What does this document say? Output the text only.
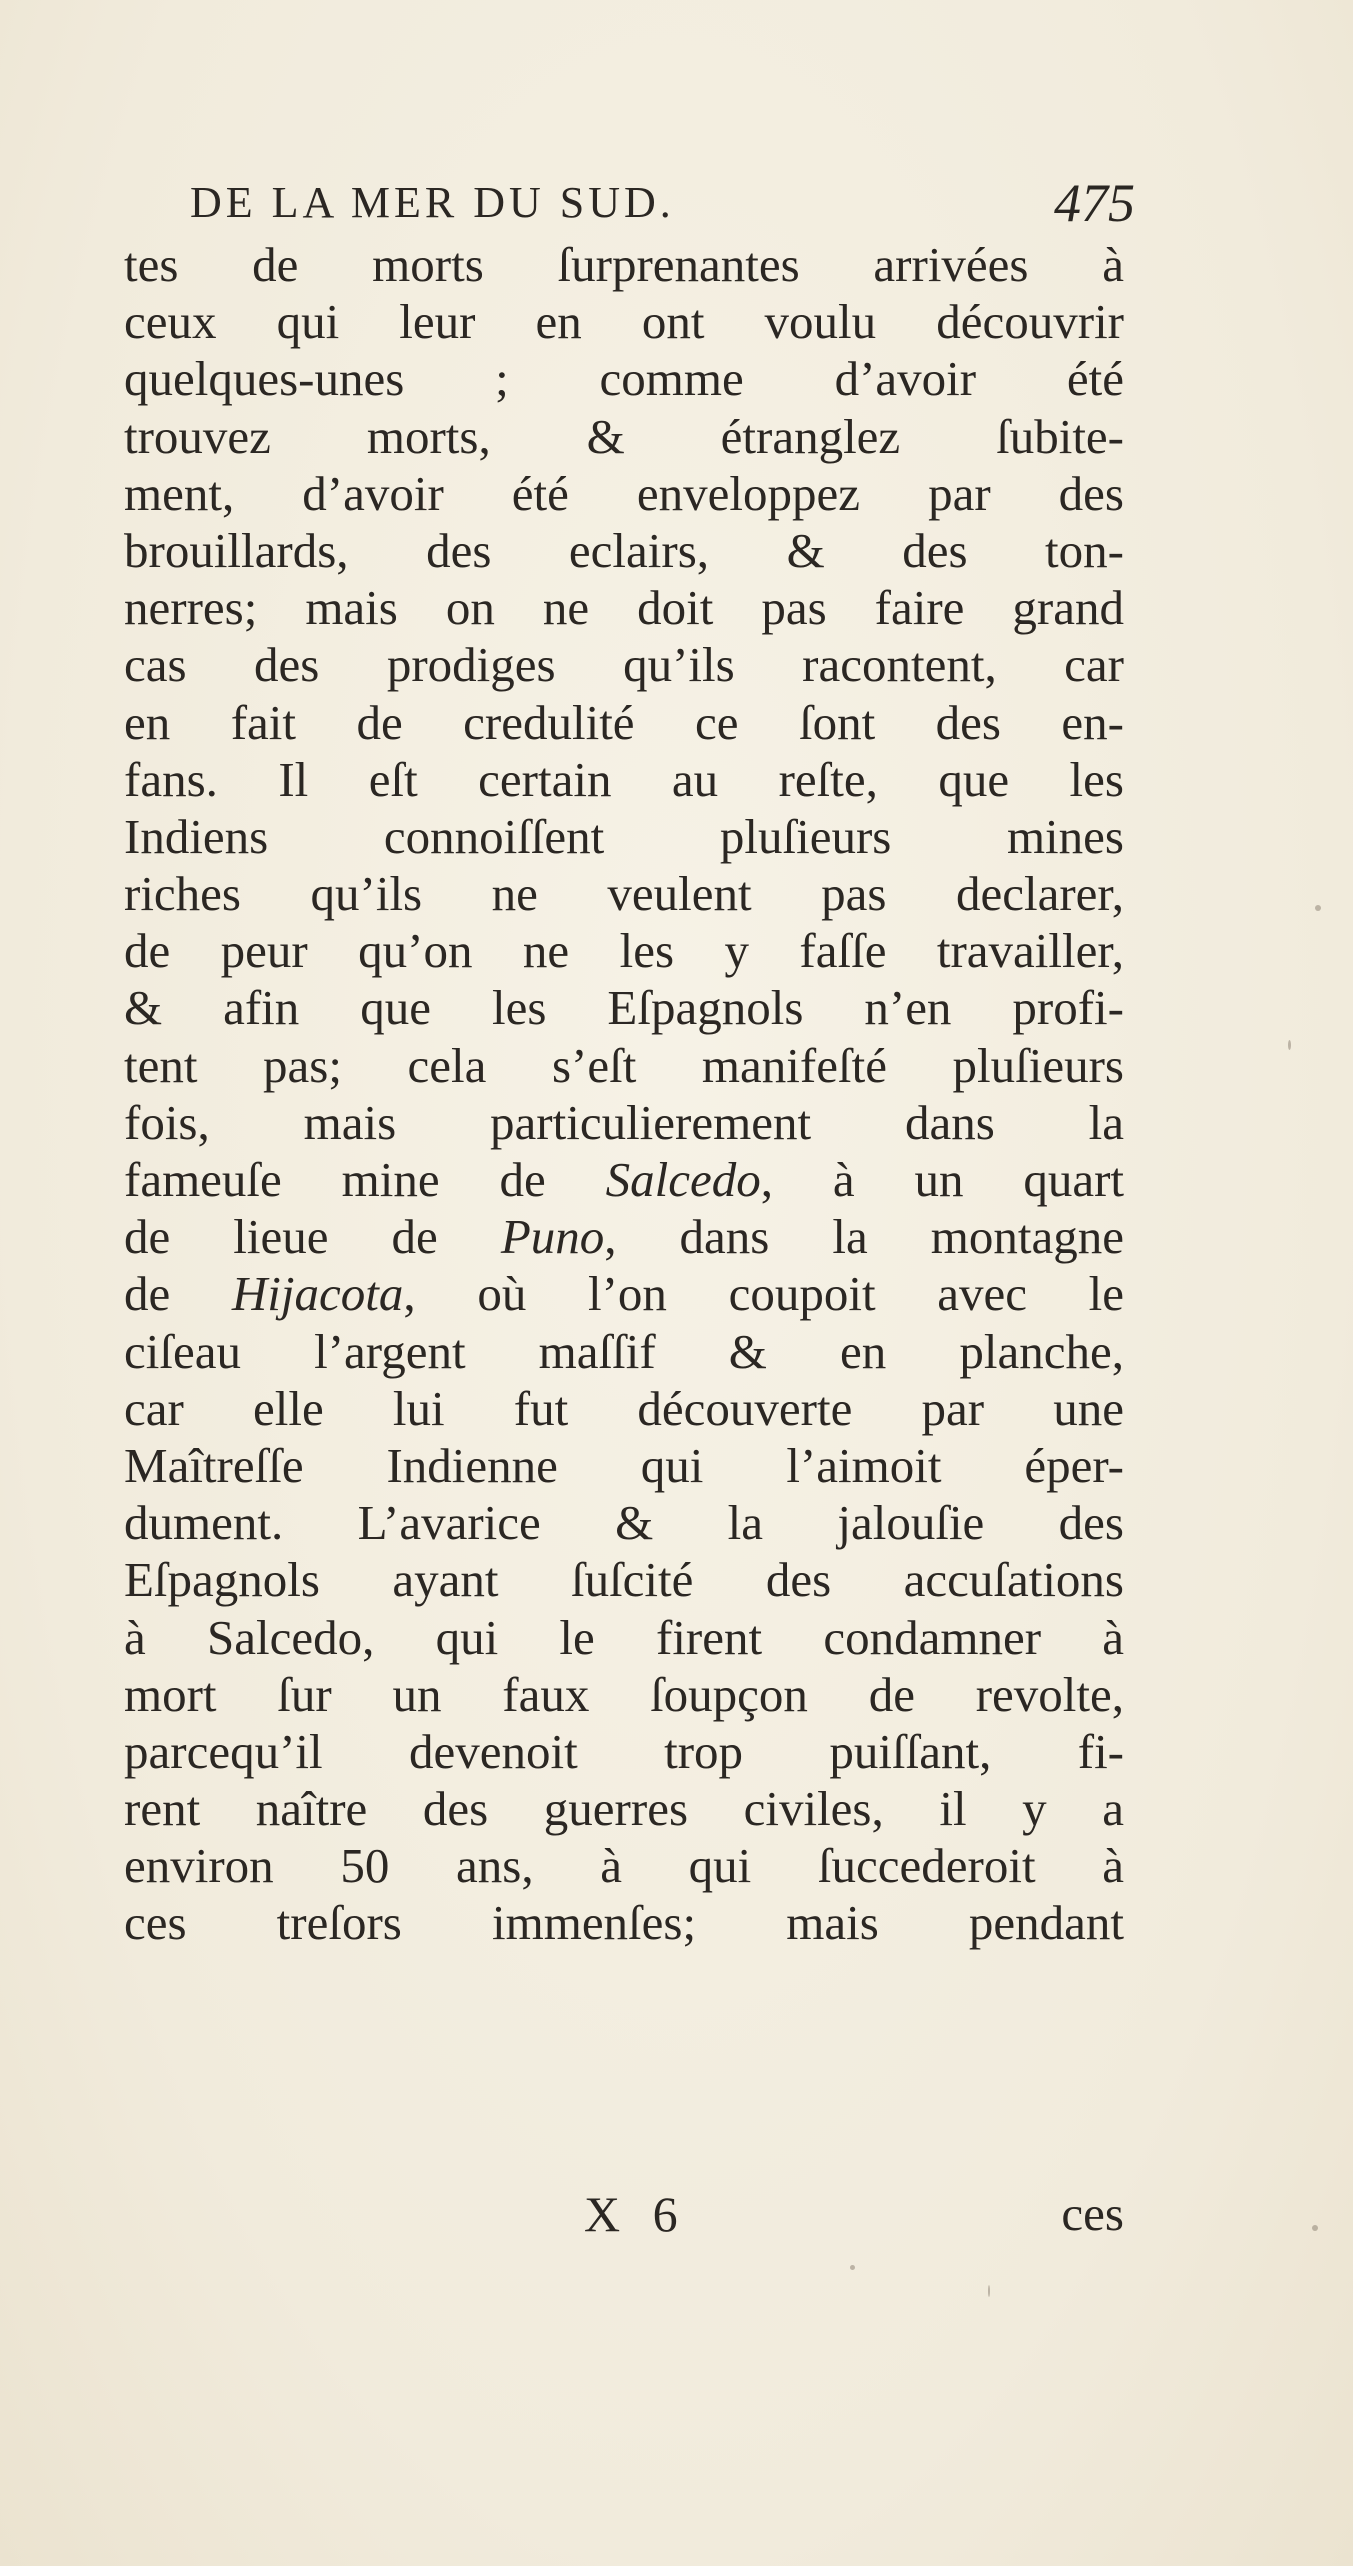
DE LA MER DU SUD.	475
tes de morts ſurprenantes arrivées à
ceux qui leur en ont voulu découvrir
quelques-unes ; comme d’avoir été
trouvez morts, & étranglez ſubite-
ment, d’avoir été enveloppez par des
brouillards, des eclairs, & des ton-
nerres; mais on ne doit pas faire grand
cas des prodiges qu’ils racontent, car
en fait de credulité ce ſont des en-
fans. Il eſt certain au reſte, que les
Indiens connoiſſent pluſieurs mines
riches qu’ils ne veulent pas declarer,
de peur qu’on ne les y faſſe travailler,
& afin que les Eſpagnols n’en profi-
tent pas; cela s’eſt manifeſté pluſieurs
fois, mais particulierement dans la
fameuſe mine de Salcedo, à un quart
de lieue de Puno, dans la montagne
de Hijacota, où l’on coupoit avec le
ciſeau l’argent maſſif & en planche,
car elle lui fut découverte par une
Maîtreſſe Indienne qui l’aimoit éper-
dument. L’avarice & la jalouſie des
Eſpagnols ayant ſuſcité des accuſations
à Salcedo, qui le firent condamner à
mort ſur un faux ſoupçon de revolte,
parcequ’il devenoit trop puiſſant, fi-
rent naître des guerres civiles, il y a
environ 50 ans, à qui ſuccederoit à
ces treſors immenſes; mais pendant
X 6	ces
